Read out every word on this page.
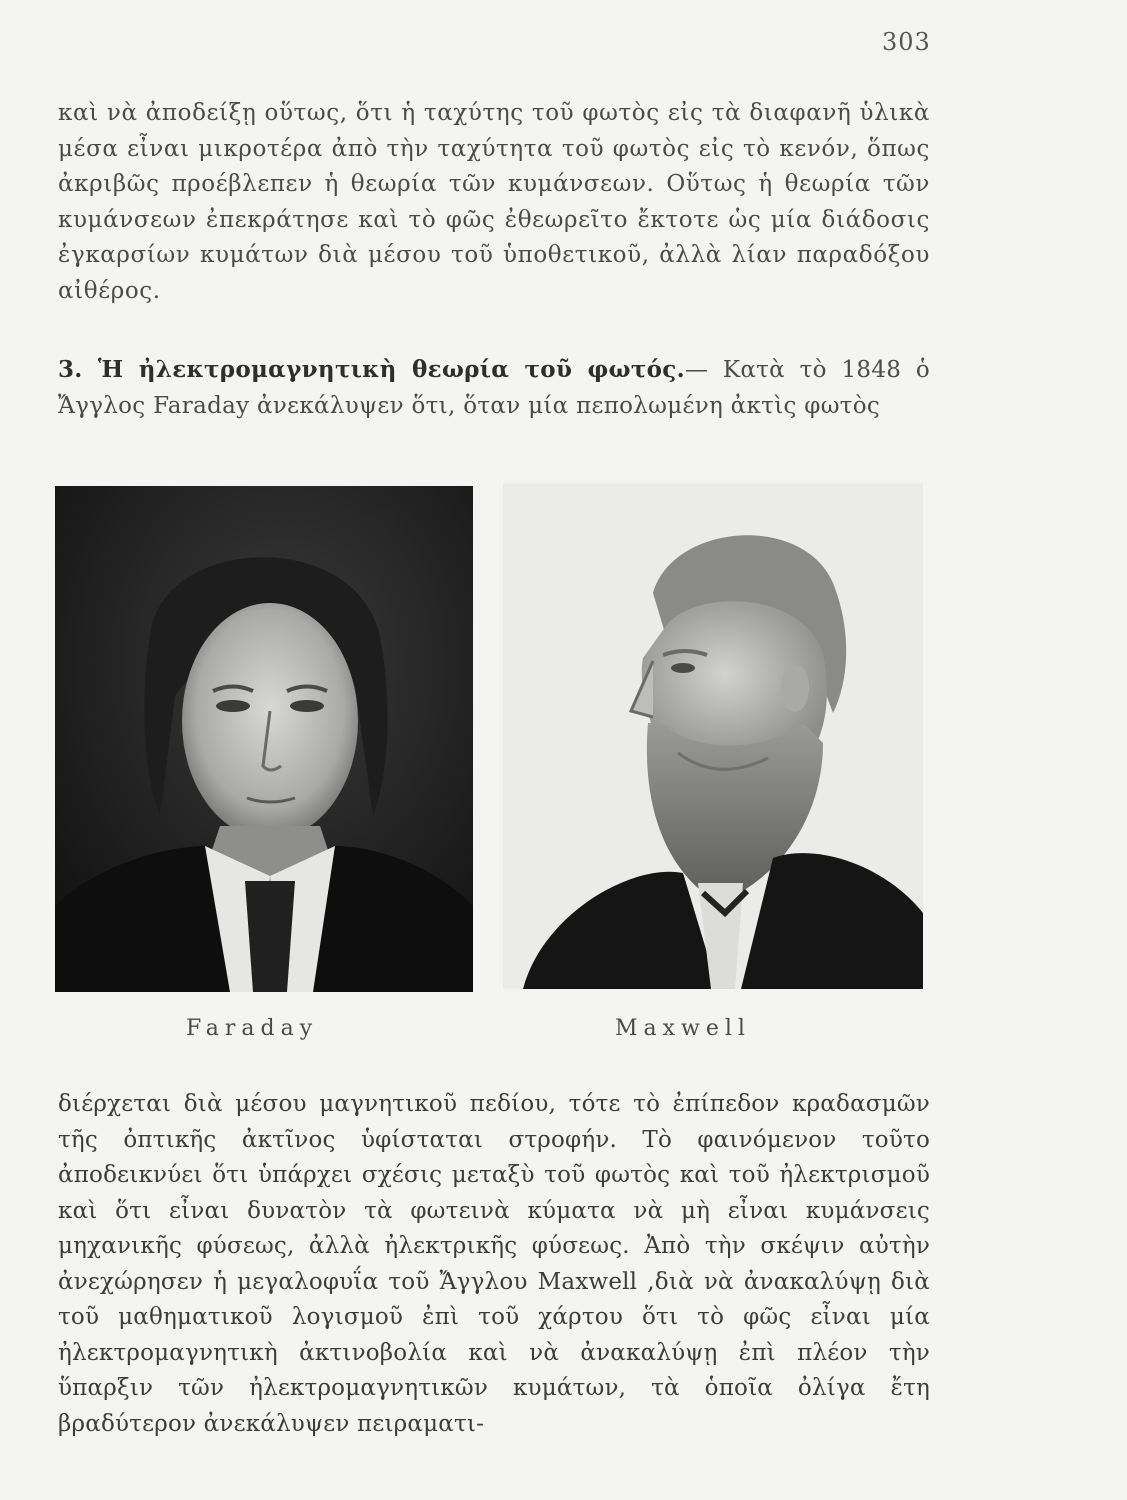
303

καὶ νὰ ἀποδείξῃ οὕτως, ὅτι ἡ ταχύτης τοῦ φωτὸς εἰς τὰ διαφανῆ ὑλικὰ μέσα εἶναι μικροτέρα ἀπὸ τὴν ταχύτητα τοῦ φωτὸς εἰς τὸ κενόν, ὅπως ἀκριβῶς προέβλεπεν ἡ θεωρία τῶν κυμάνσεων. Οὕτως ἡ θεωρία τῶν κυμάνσεων ἐπεκράτησε καὶ τὸ φῶς ἐθεωρεῖτο ἔκτοτε ὡς μία διάδοσις ἐγκαρσίων κυμάτων διὰ μέσου τοῦ ὑποθετικοῦ, ἀλλὰ λίαν παραδόξου αἰθέρος.

3. Ἡ ἠλεκτρομαγνητικὴ θεωρία τοῦ φωτός.— Κατὰ τὸ 1848 ὁ Ἄγγλος Faraday ἀνεκάλυψεν ὅτι, ὅταν μία πεπολωμένη ἀκτὶς φωτὸς

Faraday	Maxwell

διέρχεται διὰ μέσου μαγνητικοῦ πεδίου, τότε τὸ ἐπίπεδον κραδασμῶν τῆς ὀπτικῆς ἀκτῖνος ὑφίσταται στροφήν. Τὸ φαινόμενον τοῦτο ἀποδεικνύει ὅτι ὑπάρχει σχέσις μεταξὺ τοῦ φωτὸς καὶ τοῦ ἠλεκτρισμοῦ καὶ ὅτι εἶναι δυνατὸν τὰ φωτεινὰ κύματα νὰ μὴ εἶναι κυμάνσεις μηχανικῆς φύσεως, ἀλλὰ ἠλεκτρικῆς φύσεως. Ἀπὸ τὴν σκέψιν αὐτὴν ἀνεχώρησεν ἡ μεγαλοφυΐα τοῦ Ἄγγλου Maxwell ,διὰ νὰ ἀνακαλύψῃ διὰ τοῦ μαθηματικοῦ λογισμοῦ ἐπὶ τοῦ χάρτου ὅτι τὸ φῶς εἶναι μία ἠλεκτρομαγνητικὴ ἀκτινοβολία καὶ νὰ ἀνακαλύψῃ ἐπὶ πλέον τὴν ὕπαρξιν τῶν ἠλεκτρομαγνητικῶν κυμάτων, τὰ ὁποῖα ὀλίγα ἔτη βραδύτερον ἀνεκάλυψεν πειραματι-
